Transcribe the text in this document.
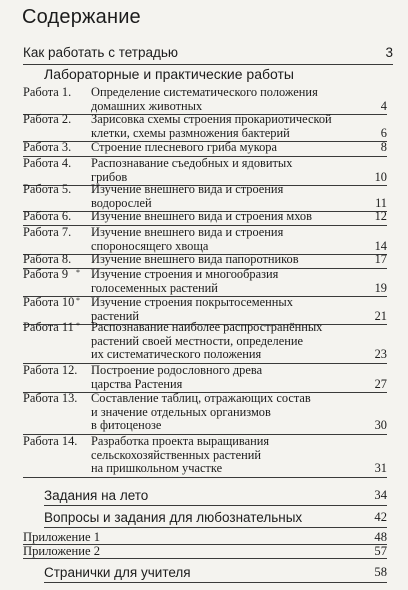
Содержание
Как работать с тетрадью	3
Лабораторные и практические работы
Работа 1. Определение систематического положения
домашних животных	4
Работа 2. Зарисовка схемы строения прокариотической
клетки, схемы размножения бактерий	6
Работа 3. Строение плесневого гриба мукора	8
Работа 4. Распознавание съедобных и ядовитых
грибов	10
Работа 5. Изучение внешнего вида и строения
водорослей	11
Работа 6. Изучение внешнего вида и строения мхов	12
Работа 7. Изучение внешнего вида и строения
спороносящего хвоща	14
Работа 8. Изучение внешнего вида папоротников	17
Работа 9 * Изучение строения и многообразия
голосеменных растений	19
Работа 10 * Изучение строения покрытосеменных
растений	21
Работа 11 * Распознавание наиболее распространённых
растений своей местности, определение
их систематического положения	23
Работа 12. Построение родословного древа
царства Растения	27
Работа 13. Составление таблиц, отражающих состав
и значение отдельных организмов
в фитоценозе	30
Работа 14. Разработка проекта выращивания
сельскохозяйственных растений
на пришкольном участке	31
Задания на лето	34
Вопросы и задания для любознательных	42
Приложение 1	48
Приложение 2	57
Странички для учителя	58
